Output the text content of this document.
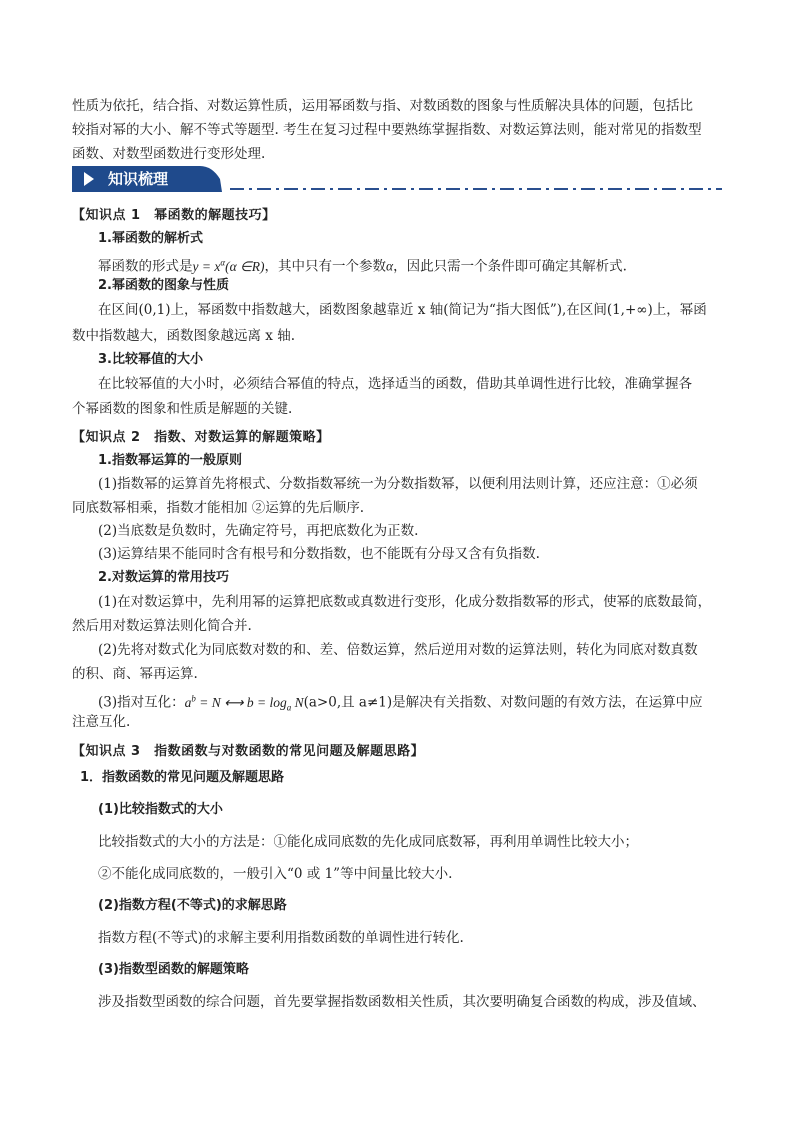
性质为依托，结合指、对数运算性质，运用幂函数与指、对数函数的图象与性质解决具体的问题，包括比
较指对幂的大小、解不等式等题型. 考生在复习过程中要熟练掌握指数、对数运算法则，能对常见的指数型
函数、对数型函数进行变形处理.
知识梳理
【知识点 1　幂函数的解题技巧】
1.幂函数的解析式
幂函数的形式是$y = x^\alpha(\alpha$ ∈R)，其中只有一个参数α，因此只需一个条件即可确定其解析式.
2.幂函数的图象与性质
在区间(0,1)上，幂函数中指数越大，函数图象越靠近 x 轴(简记为“指大图低”),在区间(1,+∞)上，幂函
数中指数越大，函数图象越远离 x 轴.
3.比较幂值的大小
在比较幂值的大小时，必须结合幂值的特点，选择适当的函数，借助其单调性进行比较，准确掌握各
个幂函数的图象和性质是解题的关键.
【知识点 2　指数、对数运算的解题策略】
1.指数幂运算的一般原则
(1)指数幂的运算首先将根式、分数指数幂统一为分数指数幂，以便利用法则计算，还应注意：①必须
同底数幂相乘，指数才能相加 ②运算的先后顺序.
(2)当底数是负数时，先确定符号，再把底数化为正数.
(3)运算结果不能同时含有根号和分数指数，也不能既有分母又含有负指数.
2.对数运算的常用技巧
(1)在对数运算中，先利用幂的运算把底数或真数进行变形，化成分数指数幂的形式，使幂的底数最简，
然后用对数运算法则化简合并.
(2)先将对数式化为同底数对数的和、差、倍数运算，然后逆用对数的运算法则，转化为同底对数真数
的积、商、幂再运算.
(3)指对互化：$a^b = N$ ⟷ $b = \log_a N(a>0$,且 a≠1)是解决有关指数、对数问题的有效方法，在运算中应
注意互化.
【知识点 3　指数函数与对数函数的常见问题及解题思路】
1．指数函数的常见问题及解题思路
(1)比较指数式的大小
比较指数式的大小的方法是：①能化成同底数的先化成同底数幂，再利用单调性比较大小；
②不能化成同底数的，一般引入“0 或 1”等中间量比较大小.
(2)指数方程(不等式)的求解思路
指数方程(不等式)的求解主要利用指数函数的单调性进行转化.
(3)指数型函数的解题策略
涉及指数型函数的综合问题，首先要掌握指数函数相关性质，其次要明确复合函数的构成，涉及值域、
